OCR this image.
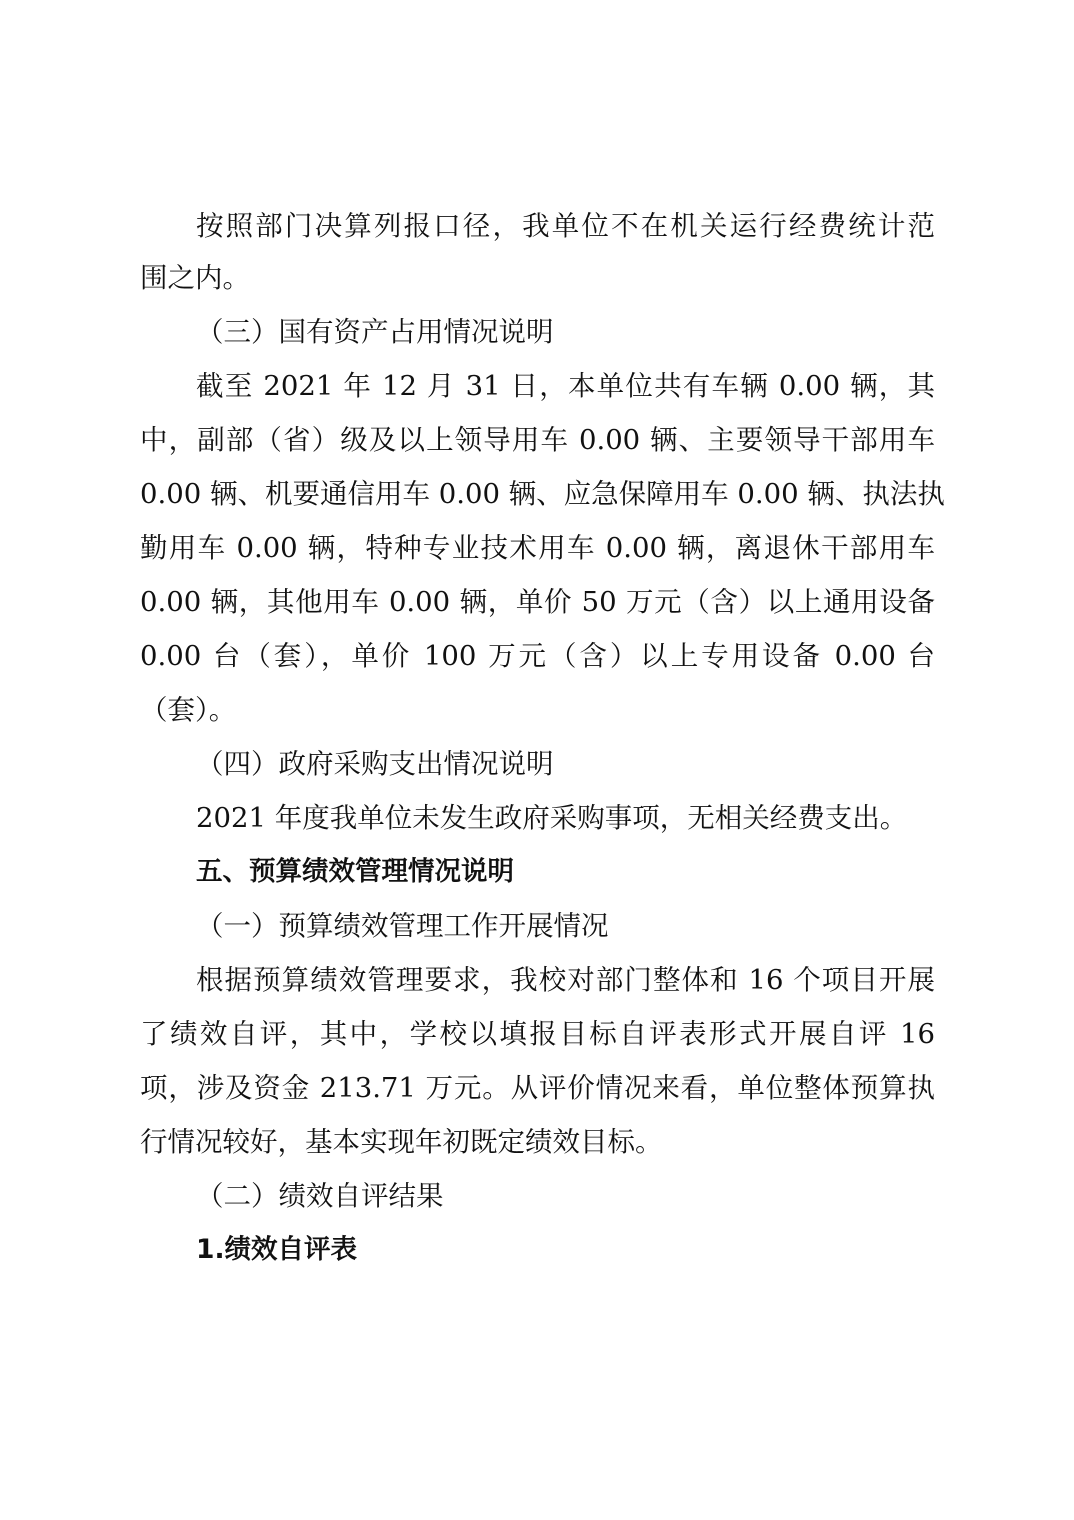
按照部门决算列报口径，我单位不在机关运行经费统计范
围之内。
（三）国有资产占用情况说明
截至 2021 年 12 月 31 日，本单位共有车辆 0.00 辆，其
中，副部（省）级及以上领导用车 0.00 辆、主要领导干部用车
0.00 辆、机要通信用车 0.00 辆、应急保障用车 0.00 辆、执法执
勤用车 0.00 辆，特种专业技术用车 0.00 辆，离退休干部用车
0.00 辆，其他用车 0.00 辆，单价 50 万元（含）以上通用设备
0.00 台（套），单价 100 万元（含）以上专用设备 0.00 台
（套）。
（四）政府采购支出情况说明
2021 年度我单位未发生政府采购事项，无相关经费支出。
五、预算绩效管理情况说明
（一）预算绩效管理工作开展情况
根据预算绩效管理要求，我校对部门整体和 16 个项目开展
了绩效自评，其中，学校以填报目标自评表形式开展自评 16
项，涉及资金 213.71 万元。从评价情况来看，单位整体预算执
行情况较好，基本实现年初既定绩效目标。
（二）绩效自评结果
1.绩效自评表
